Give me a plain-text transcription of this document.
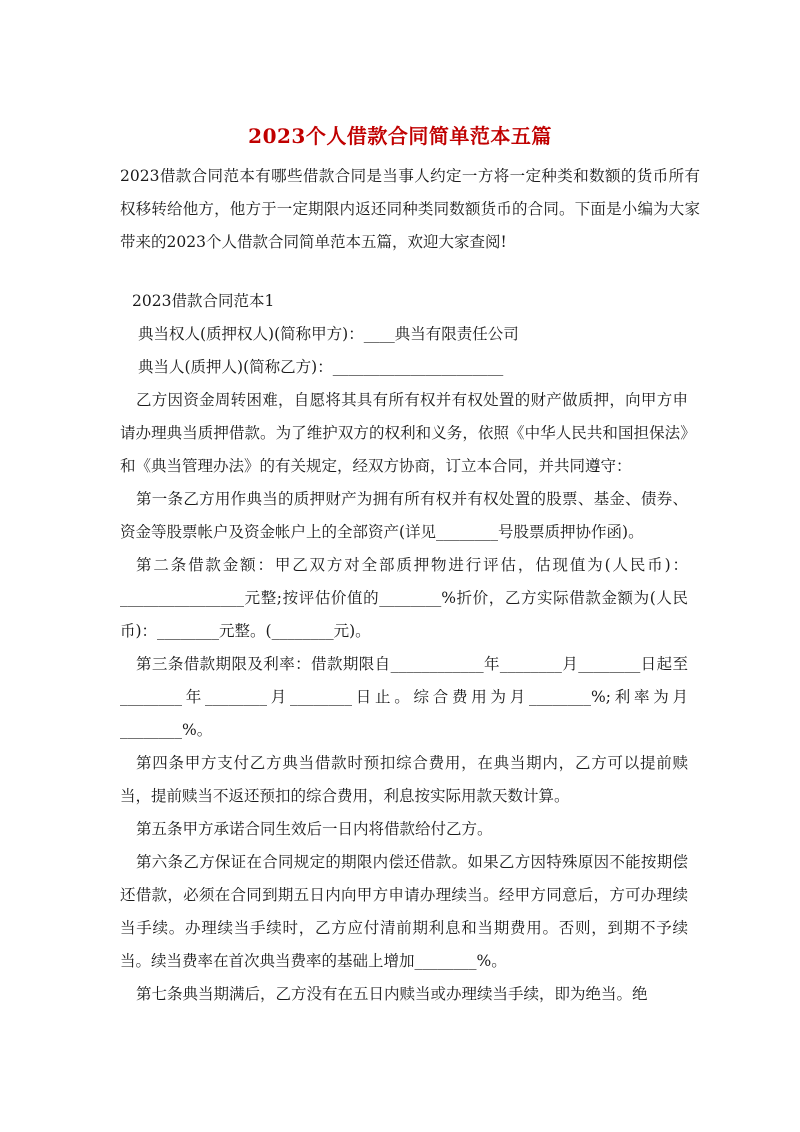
2023个人借款合同简单范本五篇

2023借款合同范本有哪些借款合同是当事人约定一方将一定种类和数额的货币所有权移转给他方，他方于一定期限内返还同种类同数额货币的合同。下面是小编为大家带来的2023个人借款合同简单范本五篇，欢迎大家查阅!

2023借款合同范本1

典当权人(质押权人)(简称甲方)：____典当有限责任公司

典当人(质押人)(简称乙方)：______________________

乙方因资金周转困难，自愿将其具有所有权并有权处置的财产做质押，向甲方申请办理典当质押借款。为了维护双方的权利和义务，依照《中华人民共和国担保法》和《典当管理办法》的有关规定，经双方协商，订立本合同，并共同遵守：

第一条乙方用作典当的质押财产为拥有所有权并有权处置的股票、基金、债券、资金等股票帐户及资金帐户上的全部资产(详见________号股票质押协作函)。

第二条借款金额：甲乙双方对全部质押物进行评估，估现值为(人民币)：________________元整;按评估价值的________%折价，乙方实际借款金额为(人民币)：________元整。(________元)。

第三条借款期限及利率：借款期限自____________年________月________日起至________年________月________日止。综合费用为月________%;利率为月________%。

第四条甲方支付乙方典当借款时预扣综合费用，在典当期内，乙方可以提前赎当，提前赎当不返还预扣的综合费用，利息按实际用款天数计算。

第五条甲方承诺合同生效后一日内将借款给付乙方。

第六条乙方保证在合同规定的期限内偿还借款。如果乙方因特殊原因不能按期偿还借款，必须在合同到期五日内向甲方申请办理续当。经甲方同意后，方可办理续当手续。办理续当手续时，乙方应付清前期利息和当期费用。否则，到期不予续当。续当费率在首次典当费率的基础上增加________%。

第七条典当期满后，乙方没有在五日内赎当或办理续当手续，即为绝当。绝
